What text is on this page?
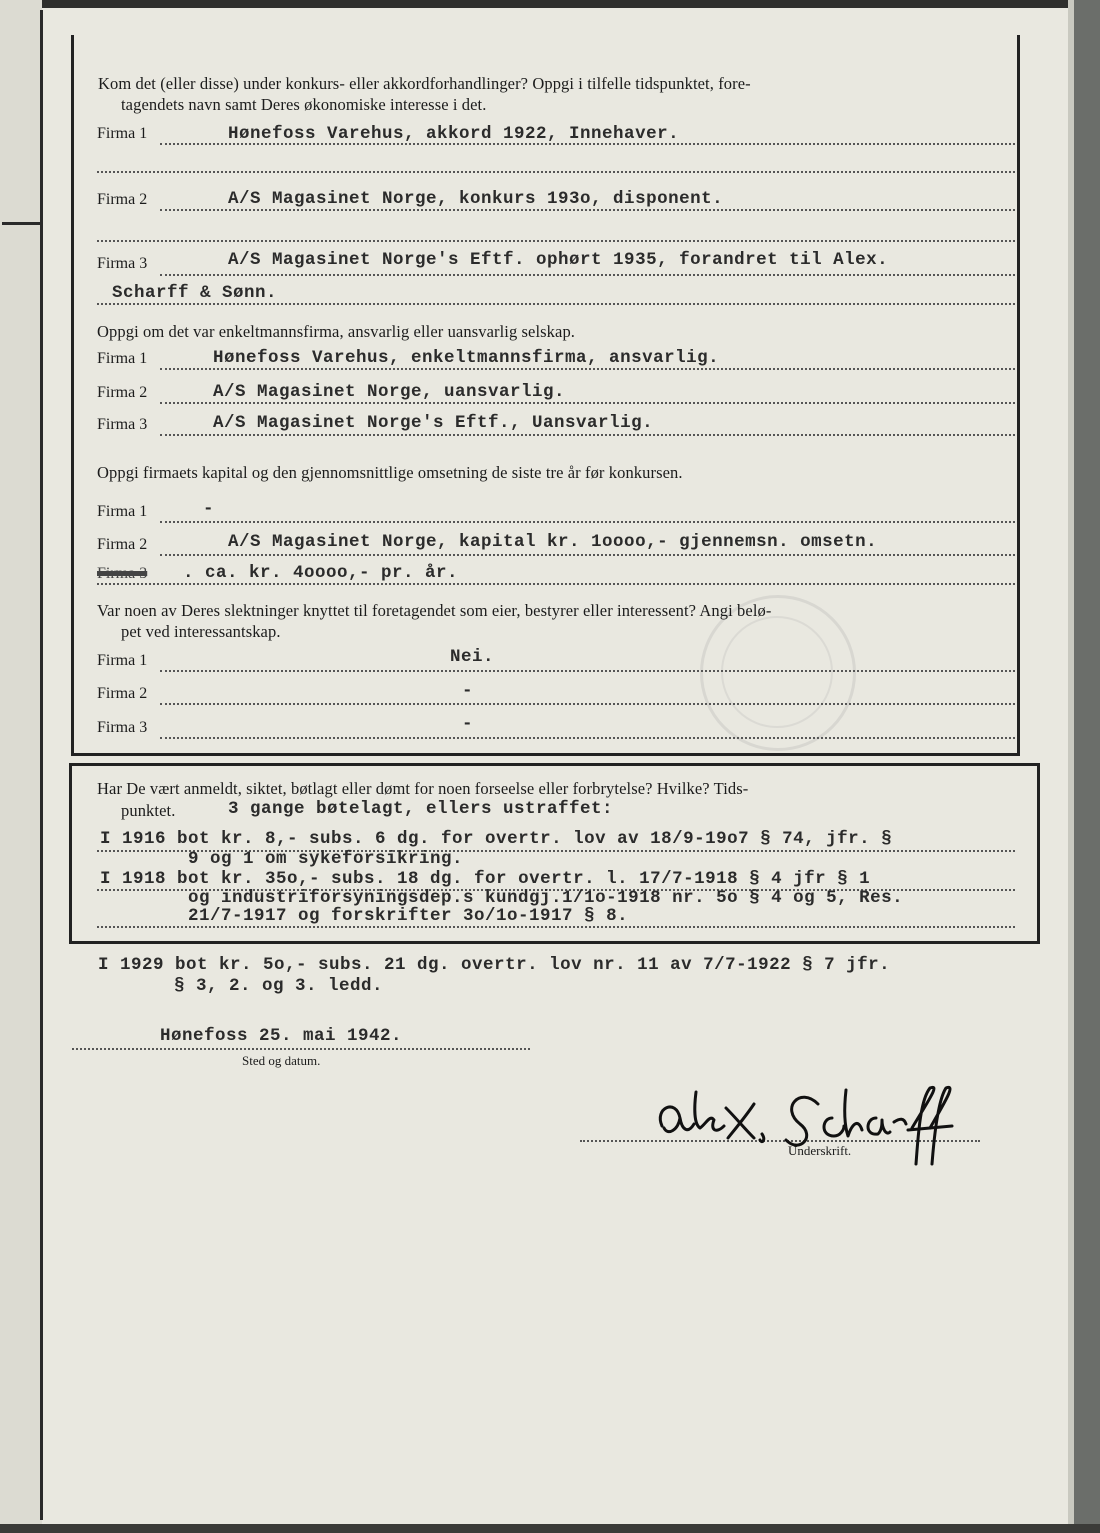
Kom det (eller disse) under konkurs- eller akkordforhandlinger? Oppgi i tilfelle tidspunktet, fore-
tagendets navn samt Deres økonomiske interesse i det.
Firma 1	Hønefoss Varehus, akkord 1922, Innehaver.
Firma 2	A/S Magasinet Norge, konkurs 193o, disponent.
Firma 3	A/S Magasinet Norge's Eftf. ophørt 1935, forandret til Alex.
Scharff & Sønn.
Oppgi om det var enkeltmannsfirma, ansvarlig eller uansvarlig selskap.
Firma 1	Hønefoss Varehus, enkeltmannsfirma, ansvarlig.
Firma 2	A/S Magasinet Norge, uansvarlig.
Firma 3	A/S Magasinet Norge's Eftf., Uansvarlig.
Oppgi firmaets kapital og den gjennomsnittlige omsetning de siste tre år før konkursen.
Firma 1	-
Firma 2	A/S Magasinet Norge, kapital kr. 1oooo,- gjennemsn. omsetn.
Firma 3 . ca. kr. 4oooo,- pr. år.
Var noen av Deres slektninger knyttet til foretagendet som eier, bestyrer eller interessent? Angi belø-
pet ved interessantskap.
Firma 1	Nei.
Firma 2	-
Firma 3	-
Har De vært anmeldt, siktet, bøtlagt eller dømt for noen forseelse eller forbrytelse? Hvilke? Tids-
punktet.	3 gange bøtelagt, ellers ustraffet:
I 1916 bot kr. 8,- subs. 6 dg. for overtr. lov av 18/9-19o7 § 74, jfr. §
9 og 1 om sykeforsikring.
I 1918 bot kr. 35o,- subs. 18 dg. for overtr. l. 17/7-1918 § 4 jfr § 1
og industriforsyningsdep.s kundgj.1/1o-1918 nr. 5o § 4 og 5, Res.
21/7-1917 og forskrifter 3o/1o-1917 § 8.
I 1929 bot kr. 5o,- subs. 21 dg. overtr. lov nr. 11 av 7/7-1922 § 7 jfr.
§ 3, 2. og 3. ledd.
Hønefoss 25. mai 1942.
Sted og datum.
Underskrift.
